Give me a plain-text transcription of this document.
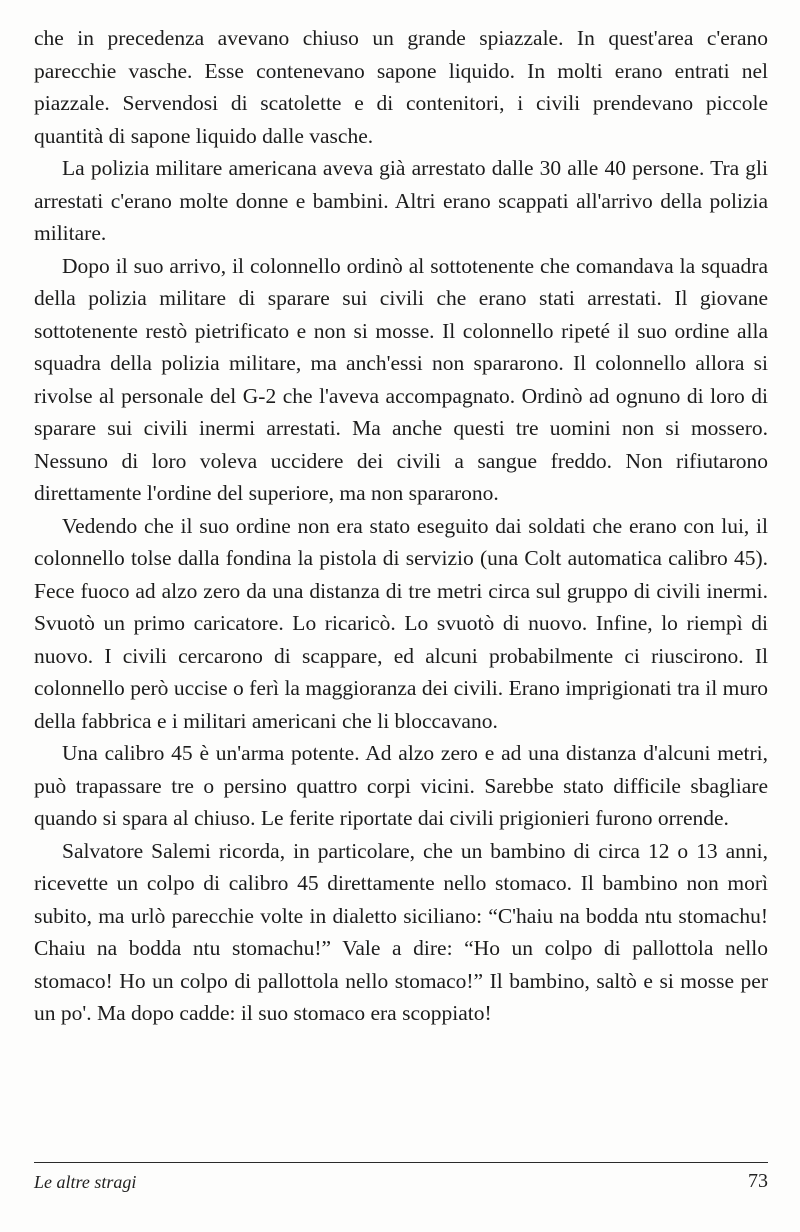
che in precedenza avevano chiuso un grande spiazzale. In quest'area c'erano parecchie vasche. Esse contenevano sapone liquido. In molti erano entrati nel piazzale. Servendosi di scatolette e di contenitori, i civili prendevano piccole quantità di sapone liquido dalle vasche.

La polizia militare americana aveva già arrestato dalle 30 alle 40 persone. Tra gli arrestati c'erano molte donne e bambini. Altri erano scappati all'arrivo della polizia militare.

Dopo il suo arrivo, il colonnello ordinò al sottotenente che comandava la squadra della polizia militare di sparare sui civili che erano stati arrestati. Il giovane sottotenente restò pietrificato e non si mosse. Il colonnello ripeté il suo ordine alla squadra della polizia militare, ma anch'essi non spararono. Il colonnello allora si rivolse al personale del G-2 che l'aveva accompagnato. Ordinò ad ognuno di loro di sparare sui civili inermi arrestati. Ma anche questi tre uomini non si mossero. Nessuno di loro voleva uccidere dei civili a sangue freddo. Non rifiutarono direttamente l'ordine del superiore, ma non spararono.

Vedendo che il suo ordine non era stato eseguito dai soldati che erano con lui, il colonnello tolse dalla fondina la pistola di servizio (una Colt automatica calibro 45). Fece fuoco ad alzo zero da una distanza di tre metri circa sul gruppo di civili inermi. Svuotò un primo caricatore. Lo ricaricò. Lo svuotò di nuovo. Infine, lo riempì di nuovo. I civili cercarono di scappare, ed alcuni probabilmente ci riuscirono. Il colonnello però uccise o ferì la maggioranza dei civili. Erano imprigionati tra il muro della fabbrica e i militari americani che li bloccavano.

Una calibro 45 è un'arma potente. Ad alzo zero e ad una distanza d'alcuni metri, può trapassare tre o persino quattro corpi vicini. Sarebbe stato difficile sbagliare quando si spara al chiuso. Le ferite riportate dai civili prigionieri furono orrende.

Salvatore Salemi ricorda, in particolare, che un bambino di circa 12 o 13 anni, ricevette un colpo di calibro 45 direttamente nello stomaco. Il bambino non morì subito, ma urlò parecchie volte in dialetto siciliano: “C'haiu na bodda ntu stomachu! Chaiu na bodda ntu stomachu!” Vale a dire: “Ho un colpo di pallottola nello stomaco! Ho un colpo di pallottola nello stomaco!” Il bambino, saltò e si mosse per un po'. Ma dopo cadde: il suo stomaco era scoppiato!

Le altre stragi	73
